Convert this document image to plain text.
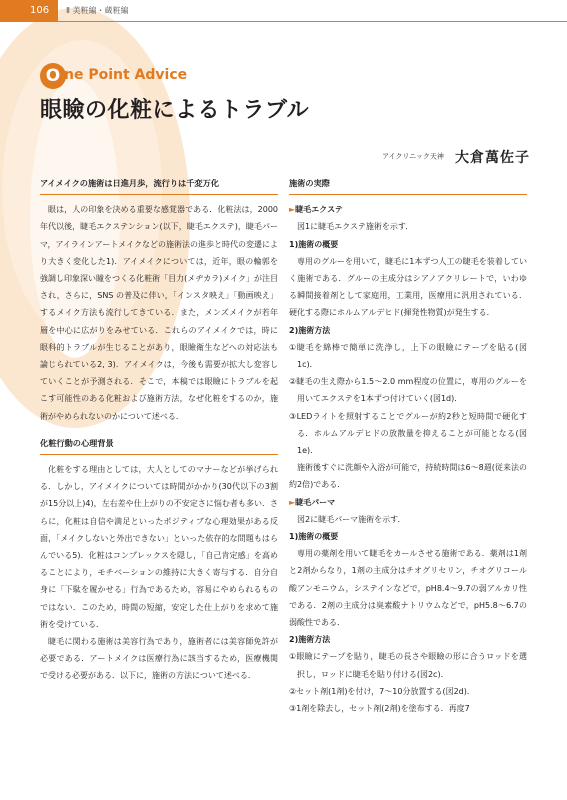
106	Ⅱ 美粧編・蔵粧編
O ne Point Advice
眼瞼の化粧によるトラブル
アイクリニック天神 大倉萬佐子

アイメイクの施術は日進月歩，流行りは千変万化

眼は，人の印象を決める重要な感覚器である．化粧法は，2000 年代以後，睫毛エクステンション(以下，睫毛エクステ)，睫毛パーマ，アイラインアートメイクなどの施術法の進歩と時代の変遷により大きく変化した1)．アイメイクについては，近年，眼の輪郭を強調し印象深い瞳をつくる化粧術「目力(メヂカラ)メイク」が注目され，さらに，SNS の普及に伴い，「インスタ映え」「動画映え」するメイク方法も流行してきている．また，メンズメイクが若年層を中心に広がりをみせている．これらのアイメイクでは，時に眼科的トラブルが生じることがあり，眼瞼衛生などへの対応法も論じられている2, 3)．アイメイクは，今後も需要が拡大し変容していくことが予測される．そこで，本稿では眼瞼にトラブルを起こす可能性のある化粧および施術方法，なぜ化粧をするのか，施術がやめられないのかについて述べる．

化粧行動の心理背景

化粧をする理由としては，大人としてのマナーなどが挙げられる．しかし，アイメイクについては時間がかかり(30代以下の3割が15分以上)4)，左右差や仕上がりの不安定さに悩む者も多い．さらに，化粧は自信や満足といったポジティブな心理効果がある反面，「メイクしないと外出できない」といった依存的な問題もはらんでいる5)．化粧はコンプレックスを隠し，「自己肯定感」を高めることにより，モチベーションの維持に大きく寄与する．自分自身に「下駄を履かせる」行為であるため，容易にやめられるものではない．このため，時間の短縮，安定した仕上がりを求めて施術を受けている．

睫毛に関わる施術は美容行為であり，施術者には美容師免許が必要である．アートメイクは医療行為に該当するため，医療機関で受ける必要がある．以下に，施術の方法について述べる．

施術の実際

►睫毛エクステ

図1に睫毛エクステ施術を示す．

1)施術の概要

専用のグルーを用いて，睫毛に1本ずつ人工の睫毛を装着していく施術である．グルーの主成分はシアノアクリレートで，いわゆる瞬間接着剤として家庭用，工業用，医療用に汎用されている．硬化する際にホルムアルデヒド(揮発性物質)が発生する．

2)施術方法

①睫毛を綿棒で簡単に洗浄し，上下の眼瞼にテープを貼る(図1c)．

②睫毛の生え際から1.5～2.0 mm程度の位置に，専用のグルーを用いてエクステを1本ずつ付けていく(図1d)．

③LEDライトを照射することでグルーが約2秒と短時間で硬化する．ホルムアルデヒドの放散量を抑えることが可能となる(図1e)．

施術後すぐに洗顔や入浴が可能で，持続時間は6～8週(従来法の約2倍)である．

►睫毛パーマ

図2に睫毛パーマ施術を示す．

1)施術の概要

専用の薬剤を用いて睫毛をカールさせる施術である．薬剤は1剤と2剤からなり，1剤の主成分はチオグリセリン，チオグリコール酸アンモニウム，システインなどで，pH8.4～9.7の弱アルカリ性である．2剤の主成分は臭素酸ナトリウムなどで，pH5.8～6.7の弱酸性である．

2)施術方法

①眼瞼にテープを貼り，睫毛の長さや眼瞼の形に合うロッドを選択し，ロッドに睫毛を貼り付ける(図2c)．

②セット剤(1剤)を付け，7～10分放置する(図2d)．

③1剤を除去し，セット剤(2剤)を塗布する．再度7
